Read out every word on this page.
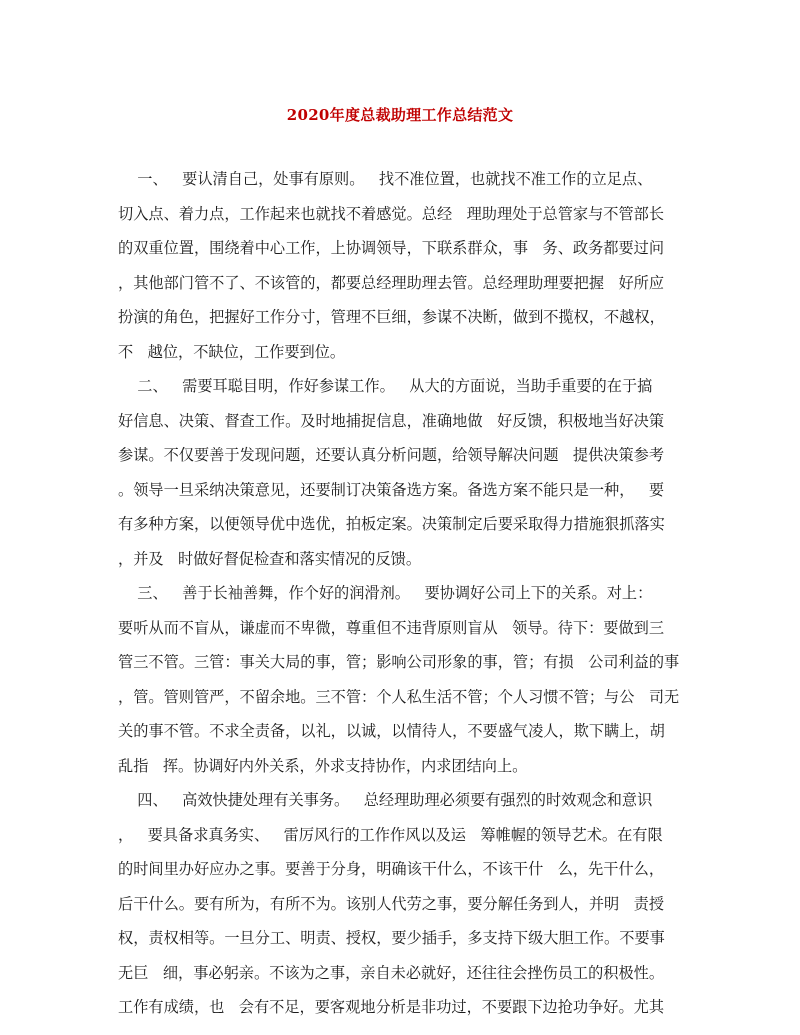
2020年度总裁助理工作总结范文
一、   要认清自己，处事有原则。   找不准位置，也就找不准工作的立足点、
切入点、着力点，工作起来也就找不着感觉。总经   理助理处于总管家与不管部长
的双重位置，围绕着中心工作，上协调领导，下联系群众，事   务、政务都要过问
，其他部门管不了、不该管的，都要总经理助理去管。总经理助理要把握   好所应
扮演的角色，把握好工作分寸，管理不巨细，参谋不决断，做到不揽权，不越权，
不   越位，不缺位，工作要到位。
二、   需要耳聪目明，作好参谋工作。   从大的方面说，当助手重要的在于搞
好信息、决策、督查工作。及时地捕捉信息，准确地做   好反馈，积极地当好决策
参谋。不仅要善于发现问题，还要认真分析问题，给领导解决问题   提供决策参考
。领导一旦采纳决策意见，还要制订决策备选方案。备选方案不能只是一种，   要
有多种方案，以便领导优中选优，拍板定案。决策制定后要采取得力措施狠抓落实
，并及   时做好督促检查和落实情况的反馈。
三、   善于长袖善舞，作个好的润滑剂。   要协调好公司上下的关系。对上：
要听从而不盲从，谦虚而不卑微，尊重但不违背原则盲从   领导。待下：要做到三
管三不管。三管：事关大局的事，管；影响公司形象的事，管；有损   公司利益的事
，管。管则管严，不留余地。三不管：个人私生活不管；个人习惯不管；与公   司无
关的事不管。不求全责备，以礼，以诚，以情待人，不要盛气凌人，欺下瞒上，胡
乱指   挥。协调好内外关系，外求支持协作，内求团结向上。
四、   高效快捷处理有关事务。   总经理助理必须要有强烈的时效观念和意识
，   要具备求真务实、   雷厉风行的工作作风以及运   筹帷幄的领导艺术。在有限
的时间里办好应办之事。要善于分身，明确该干什么，不该干什   么，先干什么，
后干什么。要有所为，有所不为。该别人代劳之事，要分解任务到人，并明   责授
权，责权相等。一旦分工、明责、授权，要少插手，多支持下级大胆工作。不要事
无巨   细，事必躬亲。不该为之事，亲自未必就好，还往往会挫伤员工的积极性。
工作有成绩，也   会有不足，要客观地分析是非功过，不要跟下边抢功争好。尤其
